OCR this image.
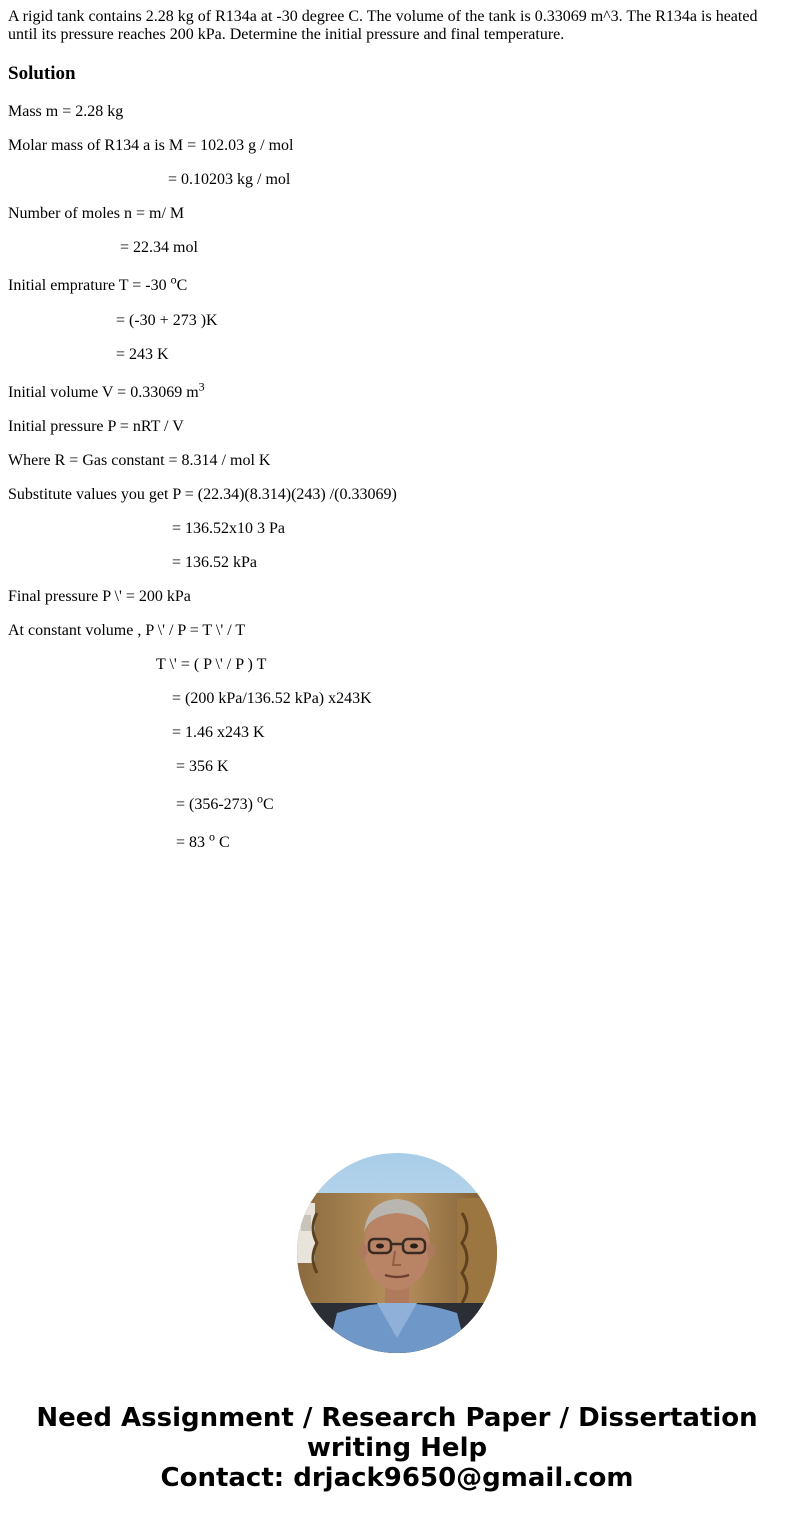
A rigid tank contains 2.28 kg of R134a at -30 degree C. The volume of the tank is 0.33069 m^3. The R134a is heated until its pressure reaches 200 kPa. Determine the initial pressure and final temperature.

Solution

Mass m = 2.28 kg

Molar mass of R134 a is M = 102.03 g / mol

= 0.10203 kg / mol

Number of moles n = m/ M

= 22.34 mol

Initial emprature T = -30 $^o$C

= (-30 + 273 )K

= 243 K

Initial volume V = 0.33069 $m^3$

Initial pressure P = nRT / V

Where R = Gas constant = 8.314 / mol K

Substitute values you get P = (22.34)(8.314)(243) /(0.33069)

= 136.52x10 3 Pa

= 136.52 kPa

Final pressure P \' = 200 kPa

At constant volume , P \' / P = T \' / T

T \' = ( P \' / P ) T

= (200 kPa/136.52 kPa) x243K

= 1.46 x243 K

= 356 K

= (356-273) $^o$C

= 83 $^o$ C

Need Assignment / Research Paper / Dissertation
writing Help
Contact: drjack9650@gmail.com
